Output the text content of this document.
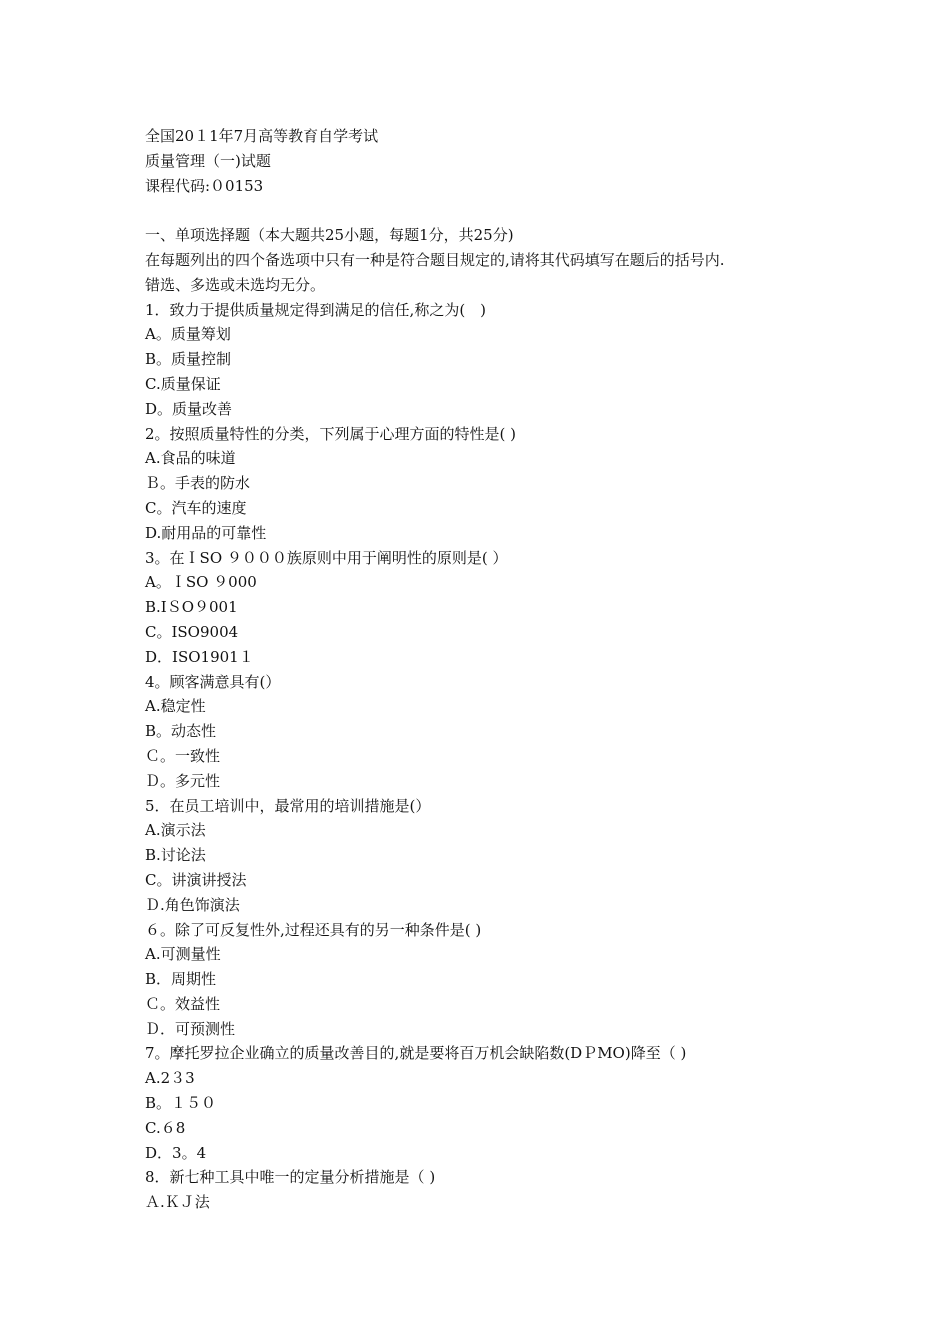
全国20１1年7月高等教育自学考试
质量管理（一)试题
课程代码:０0153
一、单项选择题（本大题共25小题，每题1分，共25分)
在每题列出的四个备选项中只有一种是符合题目规定的,请将其代码填写在题后的括号内.
错选、多选或未选均无分。
1．致力于提供质量规定得到满足的信任,称之为(　)
A。质量筹划
B。质量控制
C.质量保证
D。质量改善
2。按照质量特性的分类，下列属于心理方面的特性是( )
A.食品的味道
Ｂ。手表的防水
C。汽车的速度
D.耐用品的可靠性
3。在ＩSO ９０００族原则中用于阐明性的原则是( ）
A。ＩSO ９000
B.IＳO９001
C。ISO9004
D．ISO1901１
4。顾客满意具有(）
A.稳定性
B。动态性
Ｃ。一致性
Ｄ。多元性
5．在员工培训中，最常用的培训措施是(）
A.演示法
B.讨论法
C。讲演讲授法
Ｄ.角色饰演法
６。除了可反复性外,过程还具有的另一种条件是( )
A.可测量性
B．周期性
Ｃ。效益性
Ｄ．可预测性
7。摩托罗拉企业确立的质量改善目的,就是要将百万机会缺陷数(DＰMO)降至（ )
A.2３3
B。１５０
C.６8
D．3。4
8．新七种工具中唯一的定量分析措施是（ )
Ａ.ＫＪ法
